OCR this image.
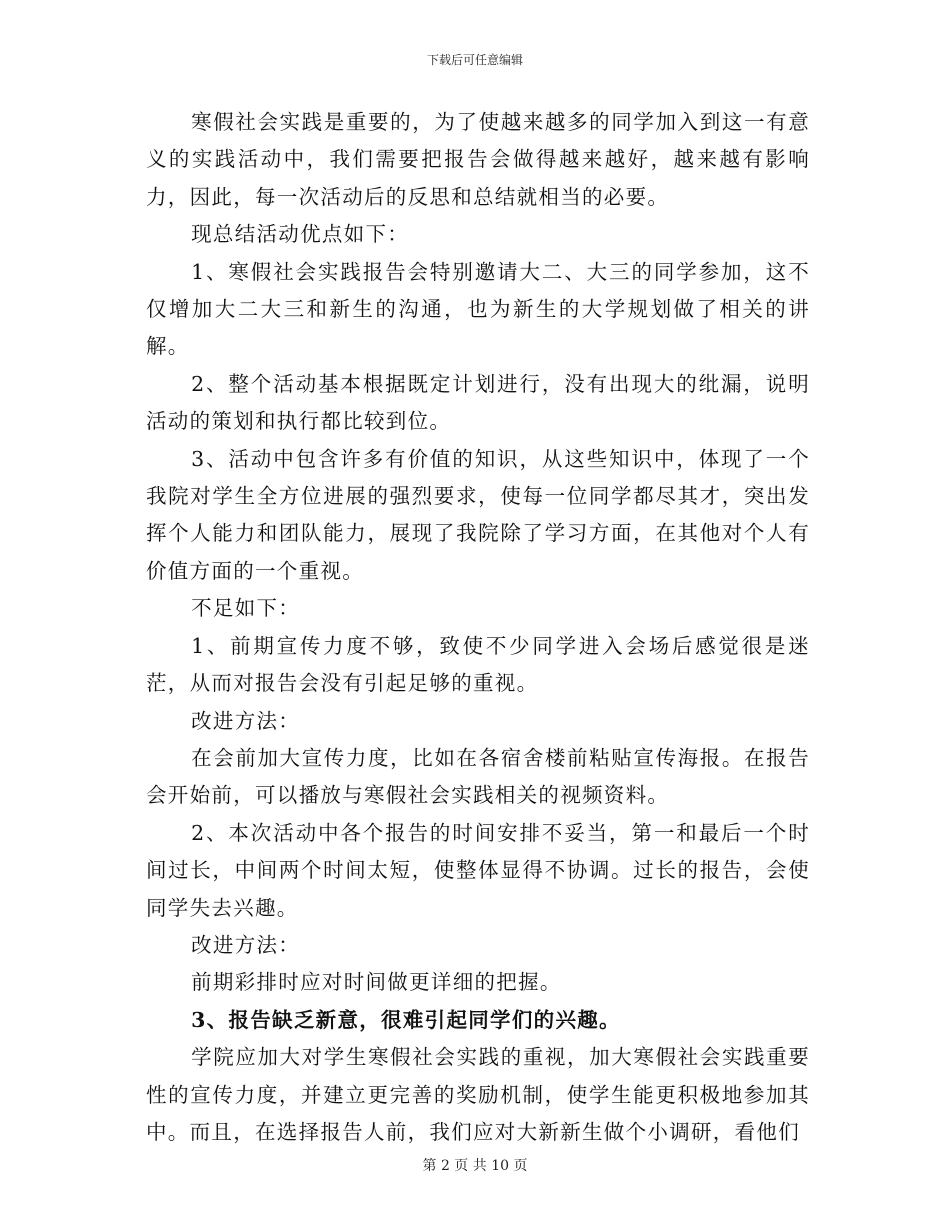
下载后可任意编辑

寒假社会实践是重要的，为了使越来越多的同学加入到这一有意义的实践活动中，我们需要把报告会做得越来越好，越来越有影响力，因此，每一次活动后的反思和总结就相当的必要。

现总结活动优点如下：

1、寒假社会实践报告会特别邀请大二、大三的同学参加，这不仅增加大二大三和新生的沟通，也为新生的大学规划做了相关的讲解。

2、整个活动基本根据既定计划进行，没有出现大的纰漏，说明活动的策划和执行都比较到位。

3、活动中包含许多有价值的知识，从这些知识中，体现了一个我院对学生全方位进展的强烈要求，使每一位同学都尽其才，突出发挥个人能力和团队能力，展现了我院除了学习方面，在其他对个人有价值方面的一个重视。

不足如下：

1、前期宣传力度不够，致使不少同学进入会场后感觉很是迷茫，从而对报告会没有引起足够的重视。

改进方法：

在会前加大宣传力度，比如在各宿舍楼前粘贴宣传海报。在报告会开始前，可以播放与寒假社会实践相关的视频资料。

2、本次活动中各个报告的时间安排不妥当，第一和最后一个时间过长，中间两个时间太短，使整体显得不协调。过长的报告，会使同学失去兴趣。

改进方法：

前期彩排时应对时间做更详细的把握。

3、报告缺乏新意，很难引起同学们的兴趣。

学院应加大对学生寒假社会实践的重视，加大寒假社会实践重要性的宣传力度，并建立更完善的奖励机制，使学生能更积极地参加其中。而且，在选择报告人前，我们应对大新新生做个小调研，看他们

第 2 页 共 10 页
